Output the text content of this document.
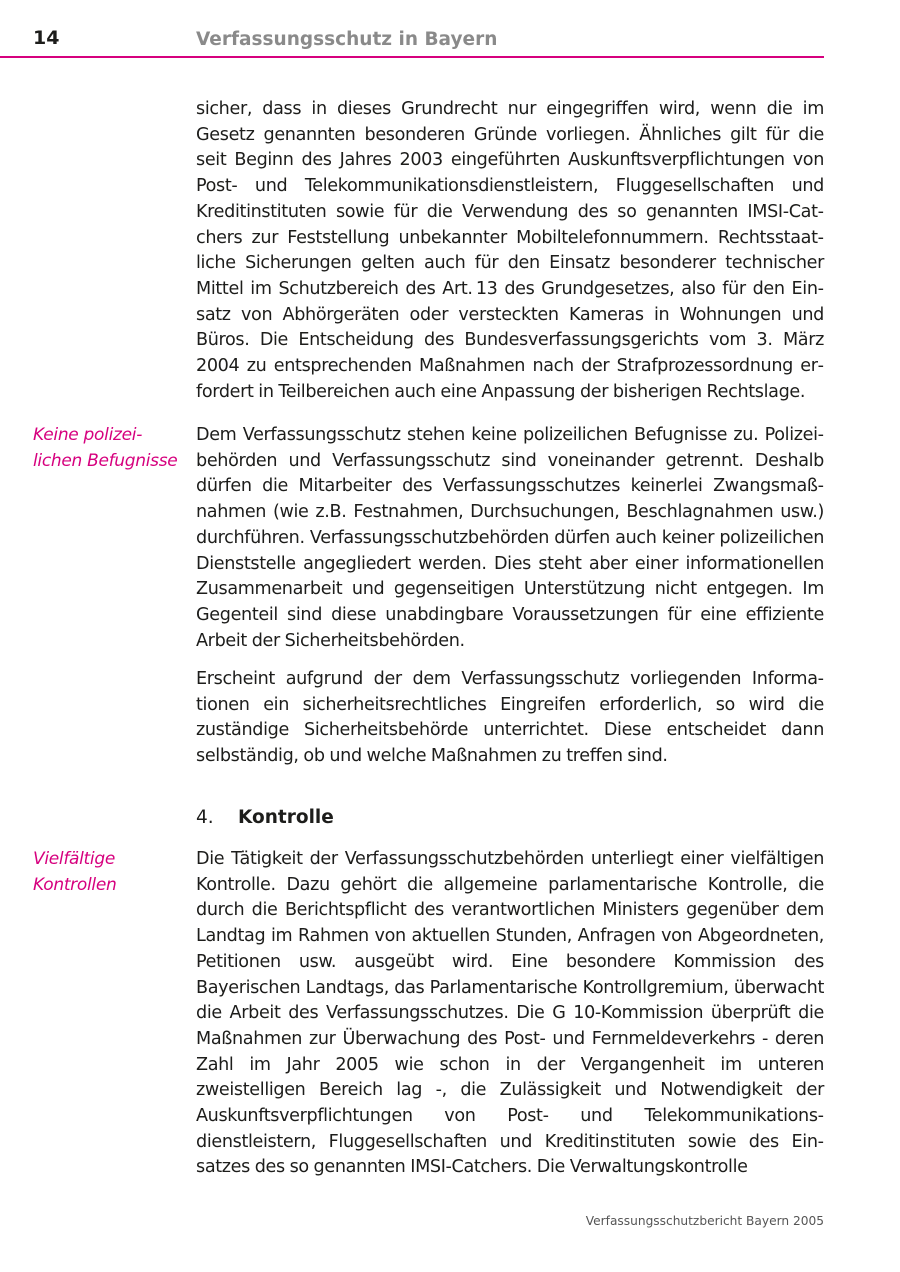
14	Verfassungsschutz in Bayern
Keine polizei-
lichen Befugnisse
Vielfältige
Kontrollen

sicher, dass in dieses Grundrecht nur eingegriffen wird, wenn die im Gesetz genannten besonderen Gründe vorliegen. Ähnliches gilt für die seit Beginn des Jahres 2003 eingeführten Auskunftsverpflichtungen von Post- und Telekommunikationsdienstleistern, Fluggesellschaften und Kreditinstituten sowie für die Verwendung des so genannten IMSI-Catchers zur Feststellung unbekannter Mobiltelefonnummern. Rechtsstaatliche Sicherungen gelten auch für den Einsatz besonderer technischer Mittel im Schutzbereich des Art. 13 des Grundgesetzes, also für den Einsatz von Abhörgeräten oder versteckten Kameras in Wohnungen und Büros. Die Entscheidung des Bundesverfassungsgerichts vom 3. März 2004 zu entsprechenden Maßnahmen nach der Strafprozessordnung erfordert in Teilbereichen auch eine Anpassung der bisherigen Rechtslage.

Dem Verfassungsschutz stehen keine polizeilichen Befugnisse zu. Polizeibehörden und Verfassungsschutz sind voneinander getrennt. Deshalb dürfen die Mitarbeiter des Verfassungsschutzes keinerlei Zwangsmaßnahmen (wie z.B. Festnahmen, Durchsuchungen, Beschlagnahmen usw.) durchführen. Verfassungsschutzbehörden dürfen auch keiner polizeilichen Dienststelle angegliedert werden. Dies steht aber einer informationellen Zusammenarbeit und gegenseitigen Unterstützung nicht entgegen. Im Gegenteil sind diese unabdingbare Voraussetzungen für eine effiziente Arbeit der Sicherheitsbehörden.

Erscheint aufgrund der dem Verfassungsschutz vorliegenden Informationen ein sicherheitsrechtliches Eingreifen erforderlich, so wird die zuständige Sicherheitsbehörde unterrichtet. Diese entscheidet dann selbständig, ob und welche Maßnahmen zu treffen sind.

4. Kontrolle

Die Tätigkeit der Verfassungsschutzbehörden unterliegt einer vielfältigen Kontrolle. Dazu gehört die allgemeine parlamentarische Kontrolle, die durch die Berichtspflicht des verantwortlichen Ministers gegenüber dem Landtag im Rahmen von aktuellen Stunden, Anfragen von Abgeordneten, Petitionen usw. ausgeübt wird. Eine besondere Kommission des Bayerischen Landtags, das Parlamentarische Kontrollgremium, überwacht die Arbeit des Verfassungsschutzes. Die G 10-Kommission überprüft die Maßnahmen zur Überwachung des Post- und Fernmeldeverkehrs - deren Zahl im Jahr 2005 wie schon in der Vergangenheit im unteren zweistelligen Bereich lag -, die Zulässigkeit und Notwendigkeit der Auskunftsverpflichtungen von Post- und Telekommunikationsdienstleistern, Fluggesellschaften und Kreditinstituten sowie des Einsatzes des so genannten IMSI-Catchers. Die Verwaltungskontrolle

Verfassungsschutzbericht Bayern 2005
